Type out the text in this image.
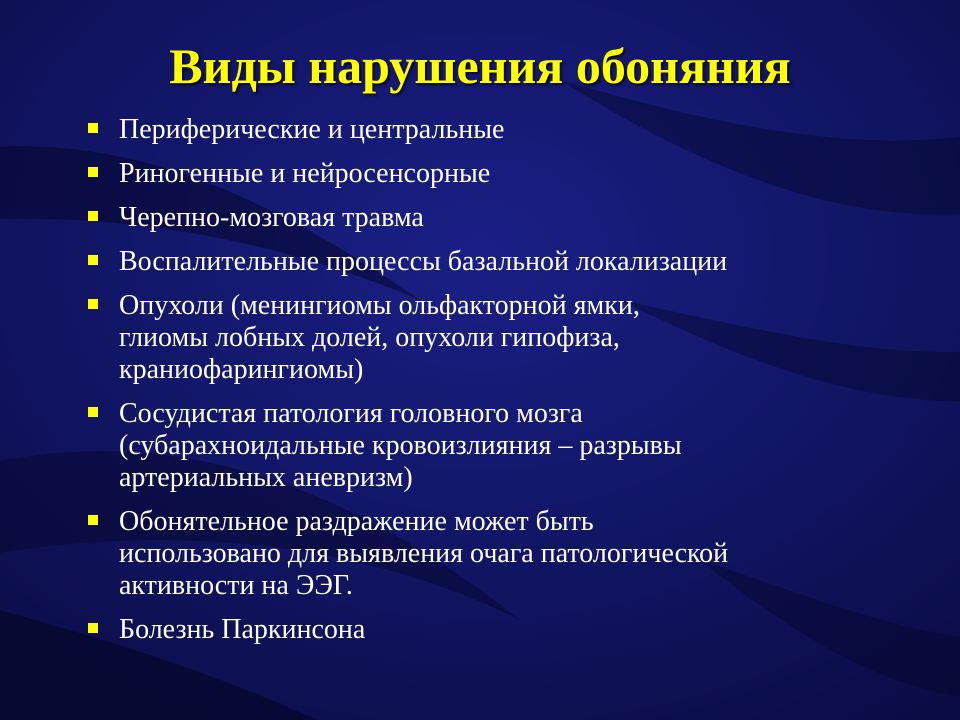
Виды нарушения обоняния
Периферические и центральные
Риногенные и нейросенсорные
Черепно-мозговая травма
Воспалительные процессы базальной локализации
Опухоли (менингиомы ольфакторной ямки,
глиомы лобных долей, опухоли гипофиза,
краниофарингиомы)
Сосудистая патология головного мозга
(субарахноидальные кровоизлияния – разрывы
артериальных аневризм)
Обонятельное раздражение может быть
использовано для выявления очага патологической
активности на ЭЭГ.
Болезнь Паркинсона
